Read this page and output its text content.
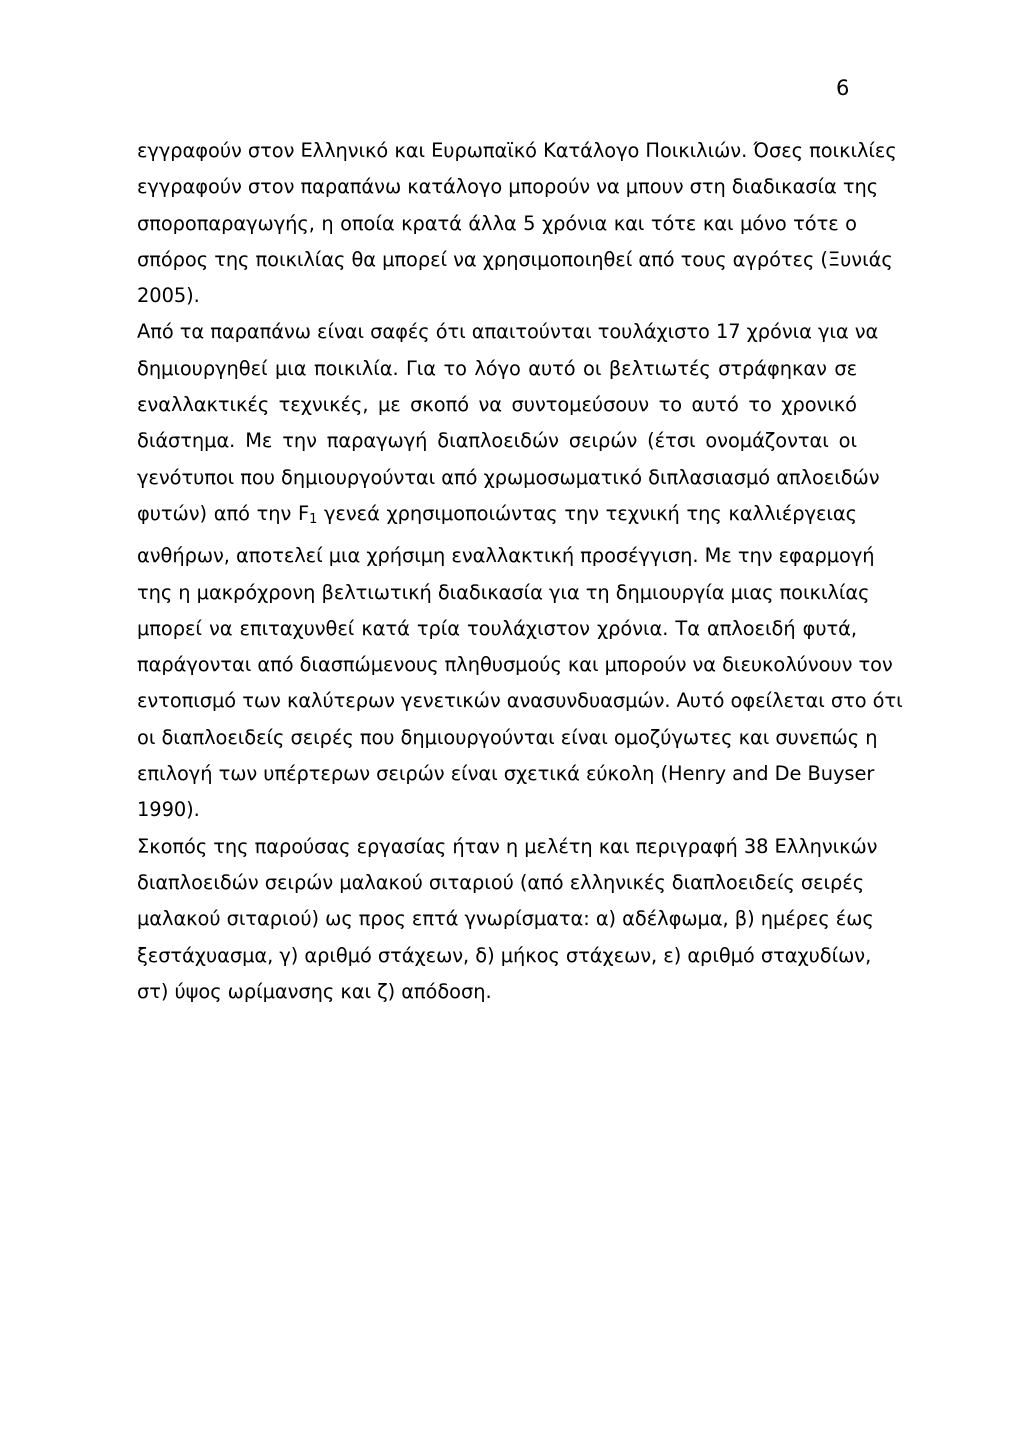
6

εγγραφούν στον Ελληνικό και Ευρωπαϊκό Κατάλογο Ποικιλιών. Όσες ποικιλίες
εγγραφούν στον παραπάνω κατάλογο μπορούν να μπουν στη διαδικασία της
σποροπαραγωγής, η οποία κρατά άλλα 5 χρόνια και τότε και μόνο τότε ο
σπόρος της ποικιλίας θα μπορεί να χρησιμοποιηθεί από τους αγρότες (Ξυνιάς
2005).

Από τα παραπάνω είναι σαφές ότι απαιτούνται τουλάχιστο 17 χρόνια για να
δημιουργηθεί μια ποικιλία. Για το λόγο αυτό οι βελτιωτές στράφηκαν σε
εναλλακτικές τεχνικές, με σκοπό να συντομεύσουν το αυτό το χρονικό
διάστημα. Με την παραγωγή διαπλοειδών σειρών (έτσι ονομάζονται οι
γενότυποι που δημιουργούνται από χρωμοσωματικό διπλασιασμό απλοειδών
φυτών) από την $F_1$ γενεά χρησιμοποιώντας την τεχνική της καλλιέργειας
ανθήρων, αποτελεί μια χρήσιμη εναλλακτική προσέγγιση. Με την εφαρμογή
της η μακρόχρονη βελτιωτική διαδικασία για τη δημιουργία μιας ποικιλίας
μπορεί να επιταχυνθεί κατά τρία τουλάχιστον χρόνια. Τα απλοειδή φυτά,
παράγονται από διασπώμενους πληθυσμούς και μπορούν να διευκολύνουν τον
εντοπισμό των καλύτερων γενετικών ανασυνδυασμών. Αυτό οφείλεται στο ότι
οι διαπλοειδείς σειρές που δημιουργούνται είναι ομοζύγωτες και συνεπώς η
επιλογή των υπέρτερων σειρών είναι σχετικά εύκολη (Henry and De Buyser
1990).

Σκοπός της παρούσας εργασίας ήταν η μελέτη και περιγραφή 38 Ελληνικών
διαπλοειδών σειρών μαλακού σιταριού (από ελληνικές διαπλοειδείς σειρές
μαλακού σιταριού) ως προς επτά γνωρίσματα: α) αδέλφωμα, β) ημέρες έως
ξεστάχυασμα, γ) αριθμό στάχεων, δ) μήκος στάχεων, ε) αριθμό σταχυδίων,
στ) ύψος ωρίμανσης και ζ) απόδοση.
